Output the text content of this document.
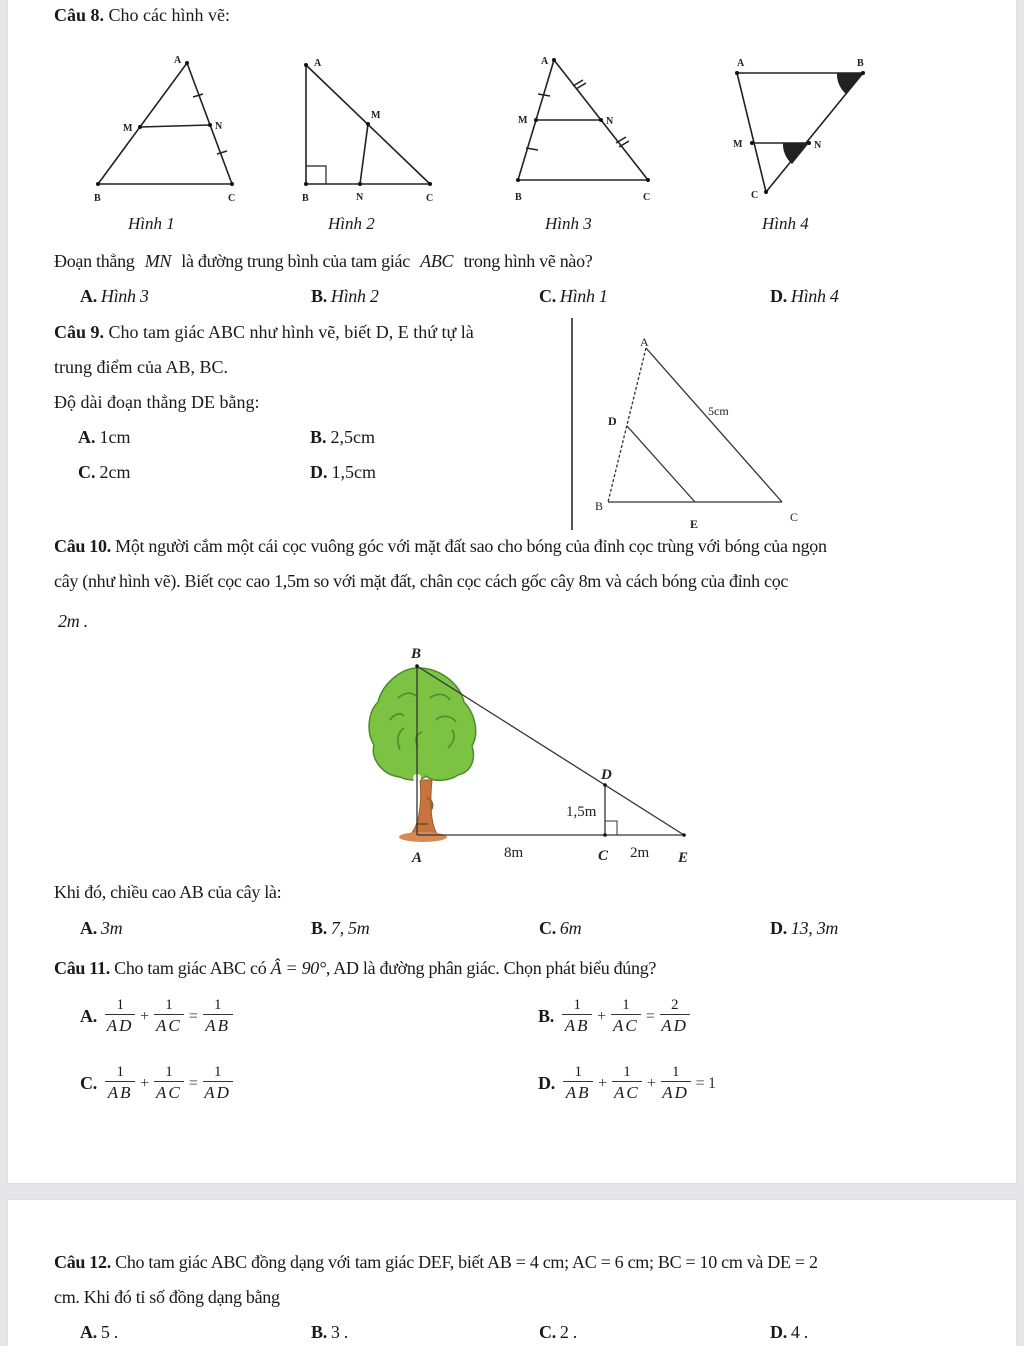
Câu 8. Cho các hình vẽ:
A
M	N
B	C
A
M
B	N	C
A
M	N
B	C
A	B
M	N
C
Hình 1	Hình 2	Hình 3	Hình 4
Đoạn thẳng MN là đường trung bình của tam giác ABC trong hình vẽ nào?
A. Hình 3	B. Hình 2	C. Hình 1	D. Hình 4
Câu 9. Cho tam giác ABC như hình vẽ, biết D, E thứ tự là
trung điểm của AB, BC.
Độ dài đoạn thẳng DE bằng:
A. 1cm	B. 2,5cm
C. 2cm	D. 1,5cm
A
5cm
D
B
C
E
Câu 10. Một người cắm một cái cọc vuông góc với mặt đất sao cho bóng của đỉnh cọc trùng với bóng của ngọn
cây (như hình vẽ). Biết cọc cao 1,5m so với mặt đất, chân cọc cách gốc cây 8m và cách bóng của đỉnh cọc
2m .
B
D
1,5m
A	8m	C 2m E
Khi đó, chiều cao AB của cây là:
A. 3m	B. 7, 5m	C. 6m	D. 13, 3m
Câu 11. Cho tam giác ABC có Â = 90°, AD là đường phân giác. Chọn phát biểu đúng?
A. $\frac{1}{AD} + \frac{1}{AC} = \frac{1}{AB}$	B. $\frac{1}{AB} + \frac{1}{AC} = \frac{2}{AD}$
C. $\frac{1}{AB} + \frac{1}{AC} = \frac{1}{AD}$	D. $\frac{1}{AB} + \frac{1}{AC} + \frac{1}{AD} = 1$
Câu 12. Cho tam giác ABC đồng dạng với tam giác DEF, biết AB = 4 cm; AC = 6 cm; BC = 10 cm và DE = 2
cm. Khi đó tỉ số đồng dạng bằng
A. 5 .	B. 3 .	C. 2 .	D. 4 .
